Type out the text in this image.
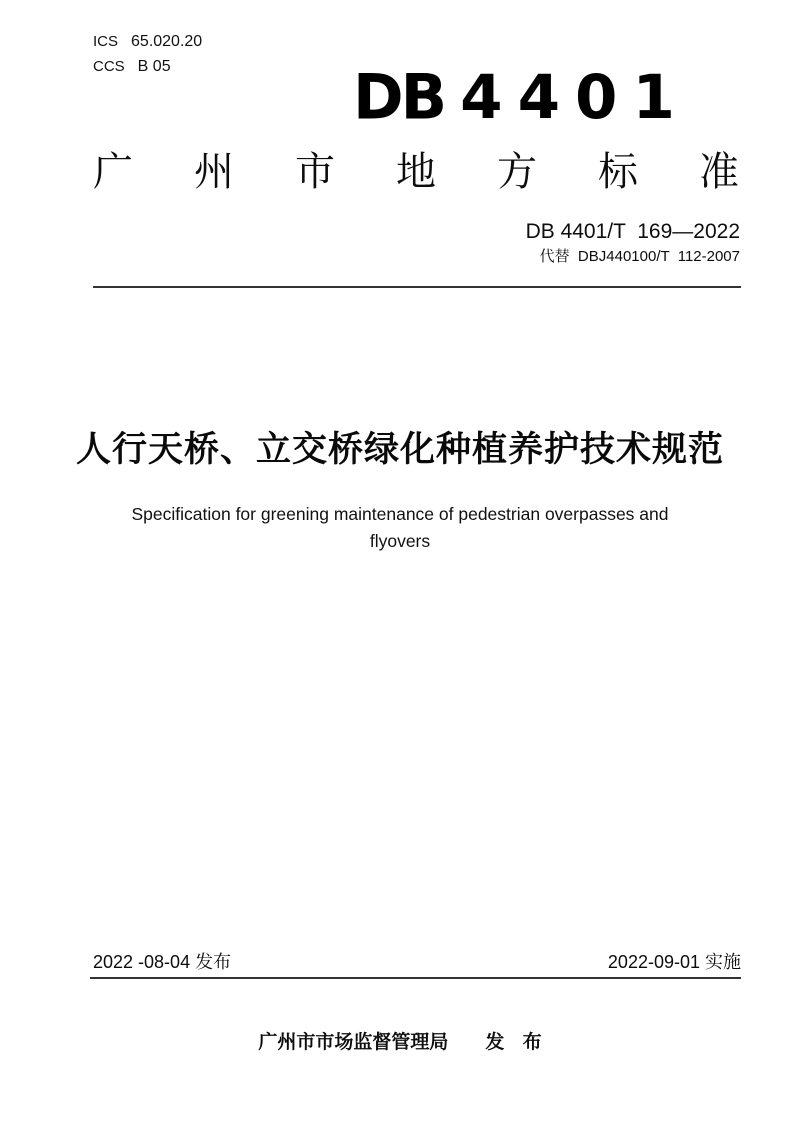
ICS 65.020.20
CCS B 05	DB 4401
广州市地方标准
DB 4401/T  169—2022
代替  DBJ440100/T  112-2007
人行天桥、立交桥绿化种植养护技术规范
Specification for greening maintenance of pedestrian overpasses and
flyovers
2022 -08-04 发布	2022-09-01 实施
广州市市场监督管理局 发 布
